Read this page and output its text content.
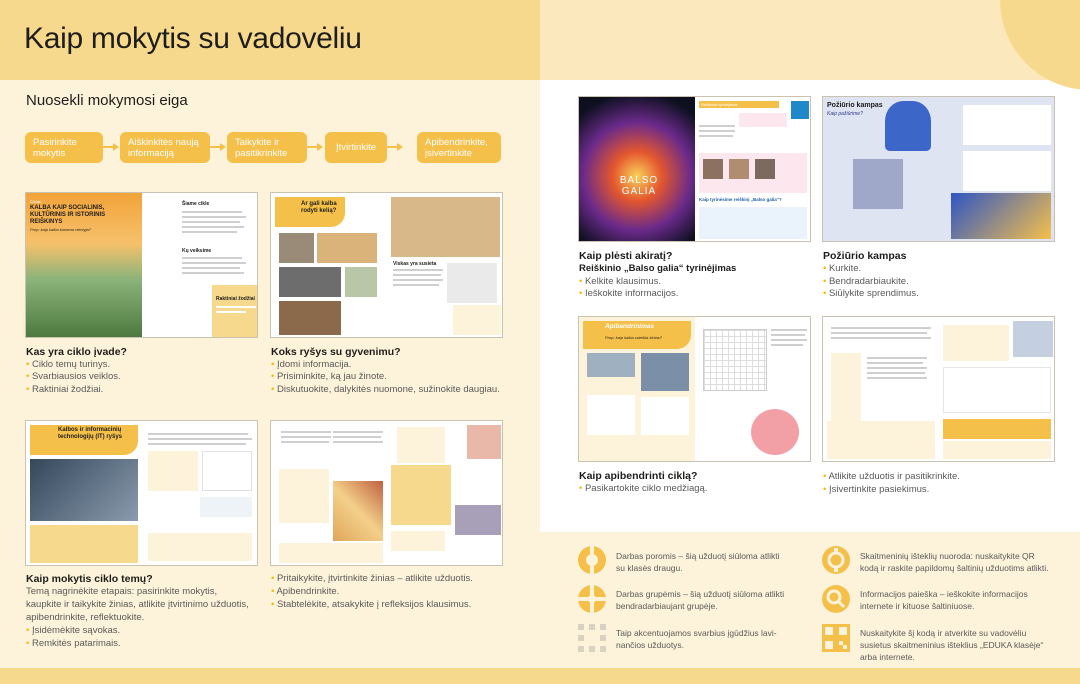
Kaip mokytis su vadovėliu
Nuosekli mokymosi eiga
Pasirinkite mokytis
Aiškinkitės naują informaciją
Taikykite ir pasitikrinkite	Įtvirtinkite	Apibendrinkite, įsivertinkite
Ciklas
KALBA KAIP SOCIALINIS, KULTŪRINIS IR ISTORINIS REIŠKINYS
Prop: kaip kalba kuriama vientyja?
Šiame cikle
Kų veiksime
Raktiniai žodžiai
Ar gali kalba rodyti kelią?
Viskas yra susieta
Kalbos ir informacinių technologijų (IT) ryšys
BALSO GALIA
Reiškinio tyrinėjimas
Kaip tyrinėsime reiškinį „Balso galia“?
Požiūrio kampas
Kaip pažiūrime?
Apibendrinimas
Prop: kaip kalba suteikia žinias?
Kas yra ciklo įvade?
• Ciklo temų turinys.
• Svarbiausios veiklos.
• Raktiniai žodžiai.
Koks ryšys su gyvenimu?
• Įdomi informacija.
• Prisiminkite, ką jau žinote.
• Diskutuokite, dalykitės nuomone, sužinokite daugiau.
Kaip mokytis ciklo temų?
Temą nagrinėkite etapais: pasirinkite mokytis,
kaupkite ir taikykite žinias, atlikite įtvirtinimo užduotis,
apibendrinkite, reflektuokite.
• Įsidėmėkite sąvokas.
• Remkitės patarimais.
• Pritaikykite, įtvirtinkite žinias – atlikite užduotis.
• Apibendrinkite.
• Stabtelėkite, atsakykite į refleksijos klausimus.
Kaip plėsti akiratį?
Reiškinio „Balso galia“ tyrinėjimas
• Kelkite klausimus.
• Ieškokite informacijos.
Požiūrio kampas
• Kurkite.
• Bendradarbiaukite.
• Siūlykite sprendimus.
Kaip apibendrinti ciklą?
• Pasikartokite ciklo medžiagą.
• Atlikite užduotis ir pasitikrinkite.
• Įsivertinkite pasiekimus.
Darbas poromis – šią užduotį siūloma atlikti
su klasės draugu.
Darbas grupėmis – šią užduotį siūloma atlikti
bendradarbiaujant grupėje.
Taip akcentuojamos svarbius įgūdžius lavi-
nančios užduotys.
Skaitmeninių išteklių nuoroda: nuskaitykite QR
kodą ir raskite papildomų šaltinių užduotims atlikti.
Informacijos paieška – ieškokite informacijos
internete ir kituose šaltiniuose.
Nuskaitykite šį kodą ir atverkite su vadovėliu
susietus skaitmeninius išteklius „EDUKA klasėje“
arba internete.
